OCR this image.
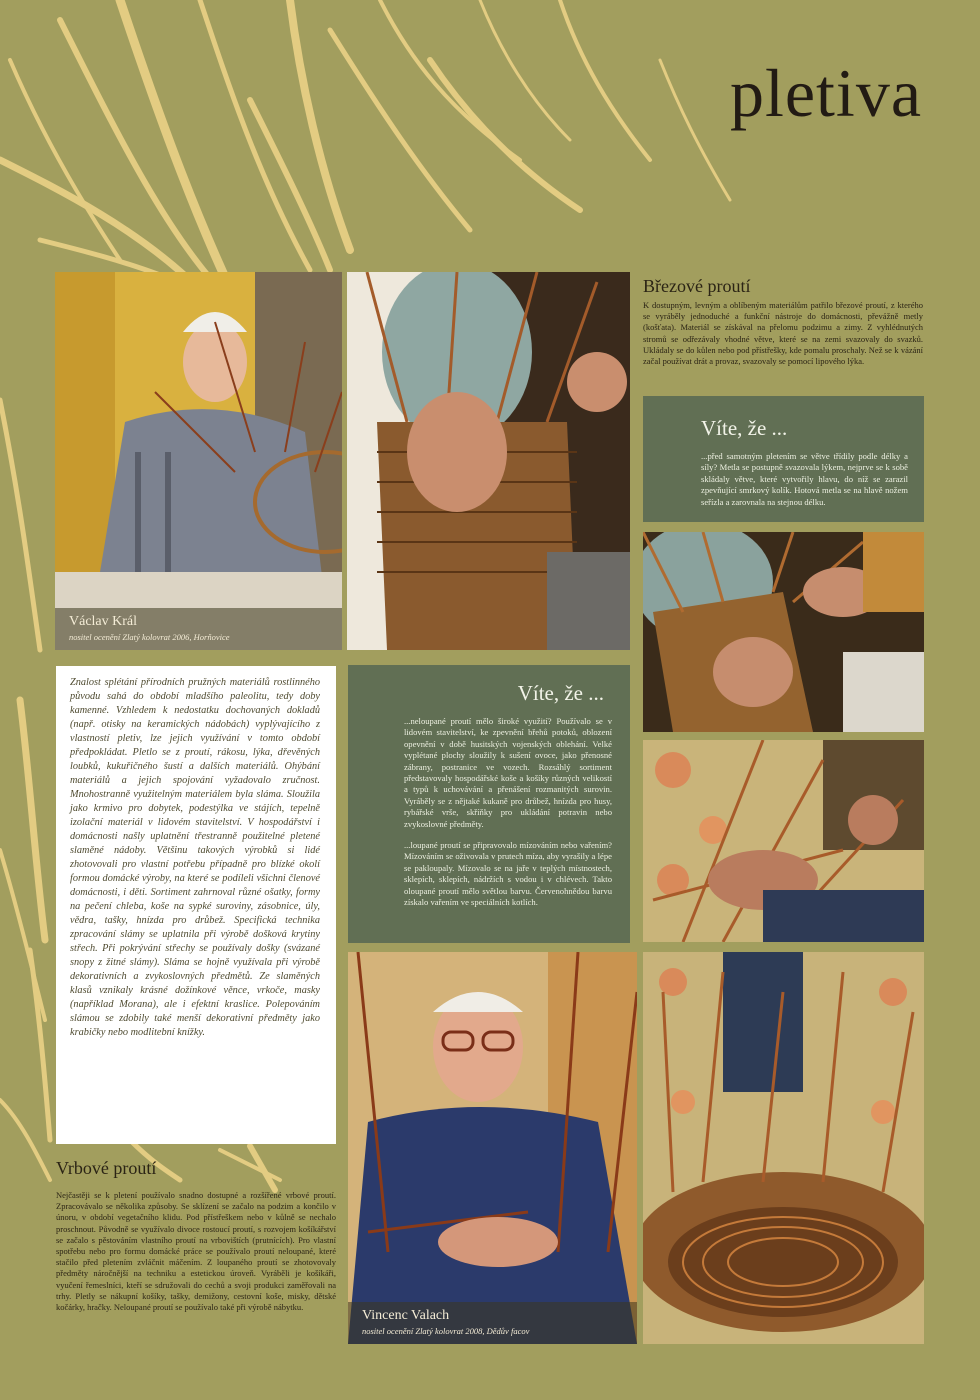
pletiva
Václav Král
nositel ocenění Zlatý kolovrat 2006, Horňovice
Březové proutí

K dostupným, levným a oblíbeným materiálům patřilo březové proutí, z kterého se vyráběly jednoduché a funkční nástroje do domácnosti, převážně metly (košťata). Materiál se získával na přelomu podzimu a zimy. Z vyhlédnutých stromů se odřezávaly vhodné větve, které se na zemi svazovaly do svazků. Ukládaly se do kůlen nebo pod přístřešky, kde pomalu proschaly. Než se k vázání začal používat drát a provaz, svazovaly se pomocí lipového lýka.

Víte, že ...

...před samotným pletením se větve třídily podle délky a síly? Metla se postupně svazovala lýkem, nejprve se k sobě skládaly větve, které vytvořily hlavu, do níž se zarazil zpevňující smrkový kolík. Hotová metla se na hlavě nožem seřízla a zarovnala na stejnou délku.

Znalost splétání přírodních pružných materiálů rostlinného původu sahá do období mladšího paleolitu, tedy doby kamenné. Vzhledem k nedostatku dochovaných dokladů (např. otisky na keramických nádobách) vyplývajícího z vlastností pletiv, lze jejich využívání v tomto období předpokládat. Pletlo se z proutí, rákosu, lýka, dřevěných loubků, kukuřičného šustí a dalších materiálů. Ohýbání materiálů a jejich spojování vyžadovalo zručnost. Mnohostranně využitelným materiálem byla sláma. Sloužila jako krmivo pro dobytek, podestýlka ve stájích, tepelně izolační materiál v lidovém stavitelství. V hospodářství i domácnosti našly uplatnění třestranně použitelné pletené slaměné nádoby. Většinu takových výrobků si lidé zhotovovali pro vlastní potřebu případně pro blízké okolí formou domácké výroby, na které se podíleli všichni členové domácnosti, i děti. Sortiment zahrnoval různé ošatky, formy na pečení chleba, koše na sypké suroviny, zásobnice, úly, vědra, tašky, hnízda pro drůbež. Specifická technika zpracování slámy se uplatnila při výrobě došková krytiny střech. Při pokrývání střechy se používaly došky (svázané snopy z žitné slámy). Sláma se hojně využívala při výrobě dekorativních a zvykoslovných předmětů. Ze slaměných klasů vznikaly krásné dožínkové věnce, vrkoče, masky (například Morana), ale i efektní kraslice. Polepováním slámou se zdobily také menší dekorativní předměty jako krabičky nebo modlitební knížky.

Víte, že ...

...neloupané proutí mělo široké využití? Používalo se v lidovém stavitelství, ke zpevnění břehů potoků, oblození opevnění v době husitských vojenských oblehání. Velké vyplétané plochy sloužily k sušení ovoce, jako přenosné zábrany, postranice ve vozech. Rozsáhlý sortiment představovaly hospodářské koše a košíky různých velikostí a typů k uchovávání a přenášení rozmanitých surovin. Vyráběly se z nějtaké kukaně pro drůbež, hnízda pro husy, rybářské vrše, skříňky pro ukládání potravin nebo zvykoslovné předměty.

...loupané proutí se připravovalo mízováním nebo vařením? Mízováním se oživovala v prutech míza, aby vyrašily a lépe se pakloupaly. Mízovalo se na jaře v teplých místnostech, sklepích, sklepích, nádržích s vodou i v chlévech. Takto oloupané proutí mělo světlou barvu. Červenohnědou barvu získalo vařením ve speciálních kotlích.

Vincenc Valach
nositel ocenění Zlatý kolovrat 2008, Dědův facov
Vrbové proutí

Nejčastěji se k pletení používalo snadno dostupné a rozšířené vrbové proutí. Zpracovávalo se několika způsoby. Se sklízení se začalo na podzim a končilo v únoru, v období vegetačního klidu. Pod přístřeškem nebo v kůlně se nechalo proschnout. Původně se využívalo divoce rostoucí proutí, s rozvojem košíkářství se začalo s pěstováním vlastního proutí na vrbovištích (prutnících). Pro vlastní spotřebu nebo pro formu domácké práce se používalo proutí neloupané, které stačilo před pletením zvláčnit máčením. Z loupaného proutí se zhotovovaly předměty náročnější na techniku a estetickou úroveň. Vyráběli je košíkáři, vyučení řemeslníci, kteří se sdružovali do cechů a svoji produkci zaměřovali na trhy. Pletly se nákupní košíky, tašky, demižony, cestovní koše, misky, dětské kočárky, hračky. Neloupané proutí se používalo také při výrobě nábytku.
